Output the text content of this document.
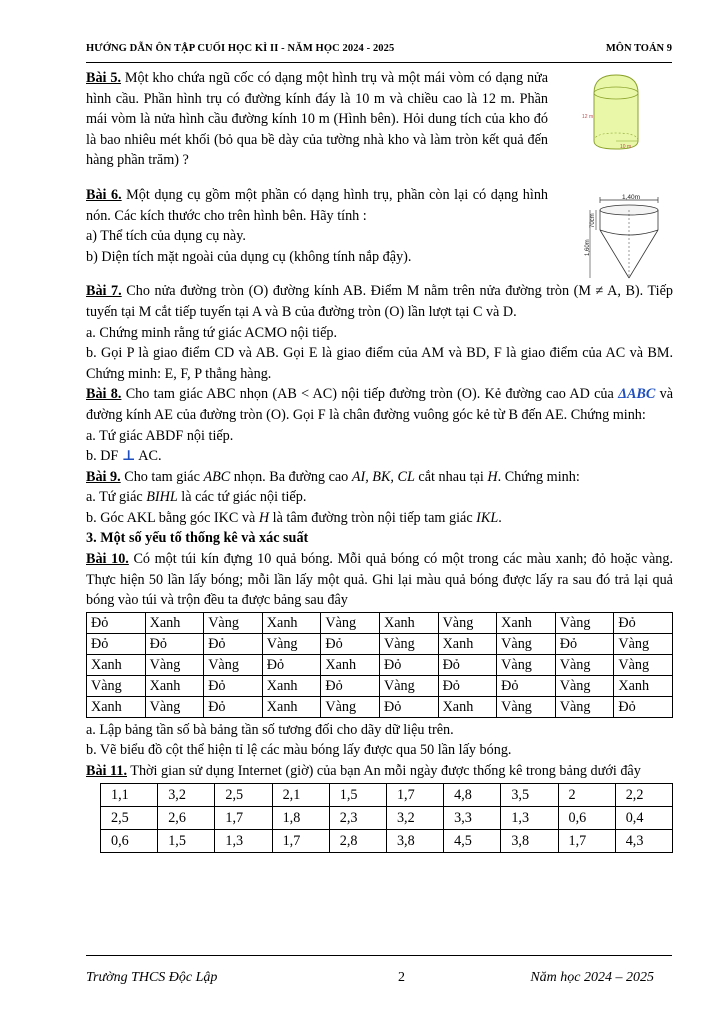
HƯỚNG DẪN ÔN TẬP CUỐI HỌC KÌ II - NĂM HỌC 2024 - 2025	MÔN TOÁN 9
12 m
10 m
1,40m
70cm
1,60m

Bài 5. Một kho chứa ngũ cốc có dạng một hình trụ và một mái vòm có dạng nửa hình cầu. Phần hình trụ có đường kính đáy là 10 m và chiều cao là 12 m. Phần mái vòm là nửa hình cầu đường kính 10 m (Hình bên). Hỏi dung tích của kho đó là bao nhiêu mét khối (bỏ qua bề dày của tường nhà kho và làm tròn kết quả đến hàng phần trăm) ?

Bài 6. Một dụng cụ gồm một phần có dạng hình trụ, phần còn lại có dạng hình nón. Các kích thước cho trên hình bên. Hãy tính :

a) Thể tích của dụng cụ này.

b) Diện tích mặt ngoài của dụng cụ (không tính nắp đậy).

Bài 7. Cho nửa đường tròn (O) đường kính AB. Điểm M nằm trên nửa đường tròn (M ≠ A, B). Tiếp tuyến tại M cắt tiếp tuyến tại A và B của đường tròn (O) lần lượt tại C và D.

a. Chứng minh rằng tứ giác ACMO nội tiếp.

b. Gọi P là giao điểm CD và AB. Gọi E là giao điểm của AM và BD, F là giao điểm của AC và BM. Chứng minh: E, F, P thẳng hàng.

Bài 8. Cho tam giác ABC nhọn (AB < AC) nội tiếp đường tròn (O). Kẻ đường cao AD của ΔABC và đường kính AE của đường tròn (O). Gọi F là chân đường vuông góc kẻ từ B đến AE. Chứng minh:

a. Tứ giác ABDF nội tiếp.

b. DF ⊥ AC.

Bài 9. Cho tam giác ABC nhọn. Ba đường cao AI, BK, CL cắt nhau tại H. Chứng minh:

a. Tứ giác BIHL là các tứ giác nội tiếp.

b. Góc AKL bằng góc IKC và H là tâm đường tròn nội tiếp tam giác IKL.

3. Một số yếu tố thống kê và xác suất

Bài 10. Có một túi kín đựng 10 quả bóng. Mỗi quả bóng có một trong các màu xanh; đỏ hoặc vàng. Thực hiện 50 lần lấy bóng; mỗi lần lấy một quả. Ghi lại màu quả bóng được lấy ra sau đó trả lại quả bóng vào túi và trộn đều ta được bảng sau đây

Đỏ	Xanh	Vàng	Xanh	Vàng	Xanh	Vàng	Xanh	Vàng	Đỏ
Đỏ	Đỏ	Đỏ	Vàng	Đỏ	Vàng	Xanh	Vàng	Đỏ	Vàng
Xanh	Vàng	Vàng	Đỏ	Xanh	Đỏ	Đỏ	Vàng	Vàng	Vàng
Vàng	Xanh	Đỏ	Xanh	Đỏ	Vàng	Đỏ	Đỏ	Vàng	Xanh
Xanh	Vàng	Đỏ	Xanh	Vàng	Đỏ	Xanh	Vàng	Vàng	Đỏ

a. Lập bảng tần số bà bảng tần số tương đối cho dãy dữ liệu trên.

b. Vẽ biểu đồ cột thể hiện tỉ lệ các màu bóng lấy được qua 50 lần lấy bóng.

Bài 11. Thời gian sử dụng Internet (giờ) của bạn An mỗi ngày được thống kê trong bảng dưới đây

1,1	3,2	2,5	2,1	1,5	1,7	4,8	3,5	2	2,2
2,5	2,6	1,7	1,8	2,3	3,2	3,3	1,3	0,6	0,4
0,6	1,5	1,3	1,7	2,8	3,8	4,5	3,8	1,7	4,3
Trường THCS Độc Lập	2	Năm học 2024 – 2025
